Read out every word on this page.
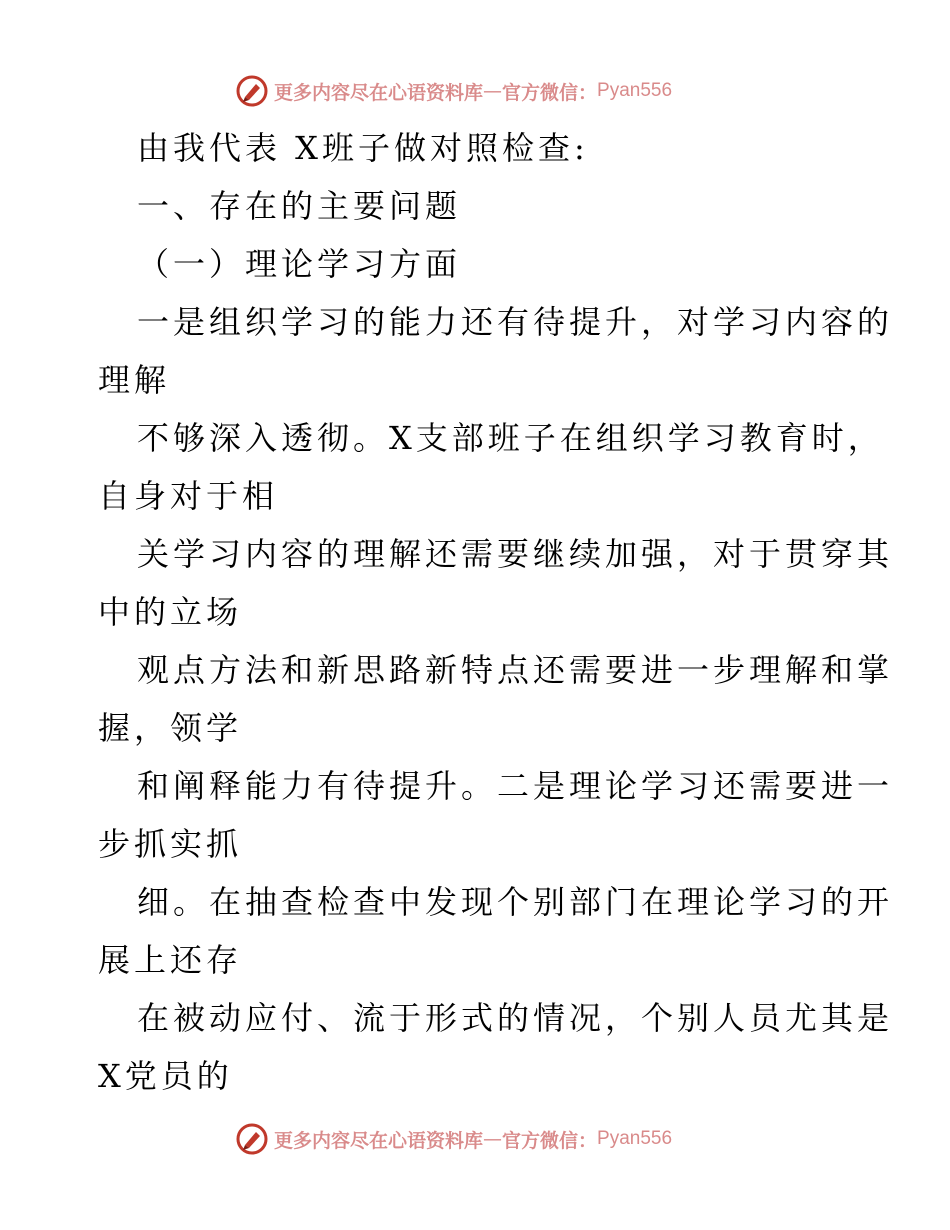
更多内容尽在心语资料库 — 官方微信： Pyan556
由我代表 X班子做对照检查:
一、存在的主要问题
（一）理论学习方面
一是组织学习的能力还有待提升，对学习内容的
理解
不够深入透彻。X支部班子在组织学习教育时，
自身对于相
关学习内容的理解还需要继续加强，对于贯穿其
中的立场
观点方法和新思路新特点还需要进一步理解和掌
握，领学
和阐释能力有待提升。二是理论学习还需要进一
步抓实抓
细。在抽查检查中发现个别部门在理论学习的开
展上还存
在被动应付、流于形式的情况，个别人员尤其是
X党员的
更多内容尽在心语资料库 — 官方微信： Pyan556
